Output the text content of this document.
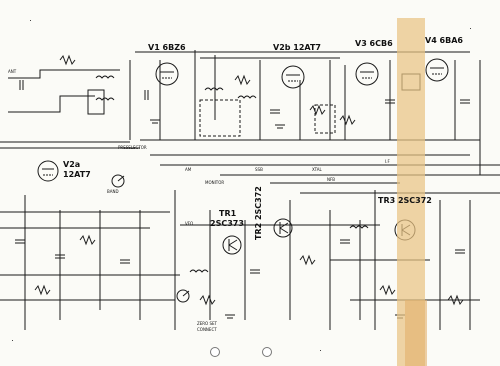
V1 6BZ6	V2b 12AT7	V3 6CB6	V4 6BA6
V2a
12AT7
TR1
2SC373 TR2 2SC372	TR3 2SC372
PRESELECTOR
MONITOR
BAND
ZERO SET
CONNECT
AM	XTAL
NFB
VFO
ANT
SSB
I.F
